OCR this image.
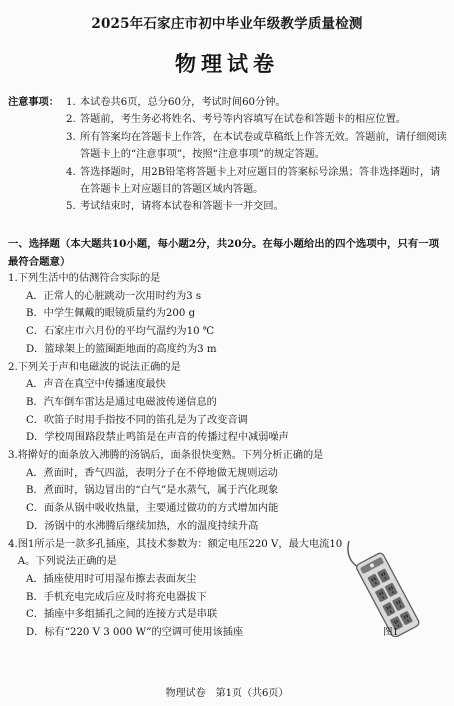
2025年石家庄市初中毕业年级教学质量检测
物理试卷
注意事项： 1. 本试卷共6页，总分60分，考试时间60分钟。
2. 答题前，考生务必将姓名、考号等内容填写在试卷和答题卡的相应位置。
3. 所有答案均在答题卡上作答，在本试卷或草稿纸上作答无效。答题前，请仔细阅读答题卡上的“注意事项”，按照“注意事项”的规定答题。
4. 答选择题时，用2B铅笔将答题卡上对应题目的答案标号涂黑；答非选择题时，请在答题卡上对应题目的答题区域内答题。
5. 考试结束时，请将本试卷和答题卡一并交回。
一、选择题（本大题共10小题，每小题2分，共20分。在每小题给出的四个选项中，只有一项最符合题意）
1. 下列生活中的估测符合实际的是
A．正常人的心脏跳动一次用时约为3 s
B．中学生佩戴的眼镜质量约为200 g
C．石家庄市六月份的平均气温约为10 ℃
D．篮球架上的篮圈距地面的高度约为3 m
2. 下列关于声和电磁波的说法正确的是
A．声音在真空中传播速度最快
B．汽车倒车雷达是通过电磁波传递信息的
C．吹笛子时用手指按不同的笛孔是为了改变音调
D．学校周围路段禁止鸣笛是在声音的传播过程中减弱噪声
3. 将擀好的面条放入沸腾的汤锅后，面条很快变熟。下列分析正确的是
A．煮面时，香气四溢，表明分子在不停地做无规则运动
B．煮面时，锅边冒出的“白气”是水蒸气，属于汽化现象
C．面条从锅中吸收热量，主要通过做功的方式增加内能
D．汤锅中的水沸腾后继续加热，水的温度持续升高
4. 图1所示是一款多孔插座，其技术参数为：额定电压220 V，最大电流10 A。下列说法正确的是
A．插座使用时可用湿布擦去表面灰尘
B．手机充电完成后应及时将充电器拔下
C．插座中多组插孔之间的连接方式是串联
D．标有“220 V 3 000 W”的空调可使用该插座	图1
物理试卷　第1页（共6页）
